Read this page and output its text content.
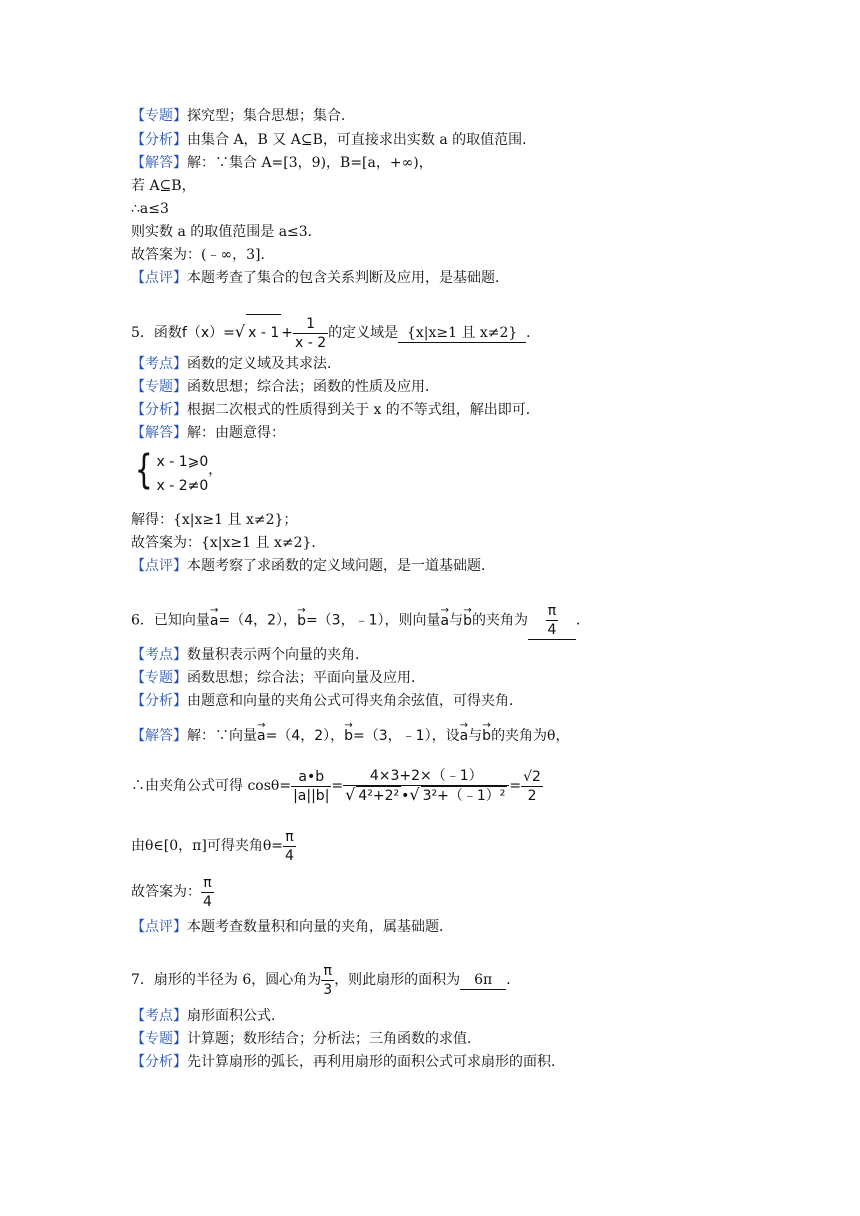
【专题】探究型；集合思想；集合．
【分析】由集合 A，B 又 A⊆B，可直接求出实数 a 的取值范围．
【解答】解：∵集合 A=[3，9)，B=[a，+∞)，
若 A⊆B，
∴a≤3
则实数 a 的取值范围是 a≤3．
故答案为：(﹣∞，3]．
【点评】本题考查了集合的包含关系判断及应用，是基础题．
5．函数f（x）=√ $x - 1 + \frac{1}{x - 2}$ 的定义域是 {x|x≥1 且 x≠2} ．
【考点】函数的定义域及其求法．
【专题】函数思想；综合法；函数的性质及应用．
【分析】根据二次根式的性质得到关于 x 的不等式组，解出即可．
【解答】解：由题意得：
{ x - 1⩾0
x - 2≠0
，
解得：{x|x≥1 且 x≠2}；
故答案为：{x|x≥1 且 x≠2}．
【点评】本题考察了求函数的定义域问题，是一道基础题．
6．已知向量→ a=（4，2），→ b=（3，﹣1），则向量→ a与→ b的夹角为 $\frac{\pi}{4}$ ．
【考点】数量积表示两个向量的夹角．
【专题】函数思想；综合法；平面向量及应用．
【分析】由题意和向量的夹角公式可得夹角余弦值，可得夹角．
【解答】解：∵向量→ a=（4，2），→ b=（3，﹣1），设→ a与→ b的夹角为θ，
∴由夹角公式可得 $\cos\theta= \frac{a•b}{|a||b|} = \frac{4\times 3+2\times(﹣1)}{\text{√ 4²+2² •√ 3²+（﹣1）²}} = \frac{√2}{2}$
由θ∈[0，π]可得夹角$\theta= \frac{\pi}{4}$
故答案为： $\frac{\pi}{4}$
【点评】本题考查数量积和向量的夹角，属基础题．
7．扇形的半径为 6，圆心角为 $\frac{\pi}{3}$ ，则此扇形的面积为 6π ．
【考点】扇形面积公式．
【专题】计算题；数形结合；分析法；三角函数的求值．
【分析】先计算扇形的弧长，再利用扇形的面积公式可求扇形的面积．
